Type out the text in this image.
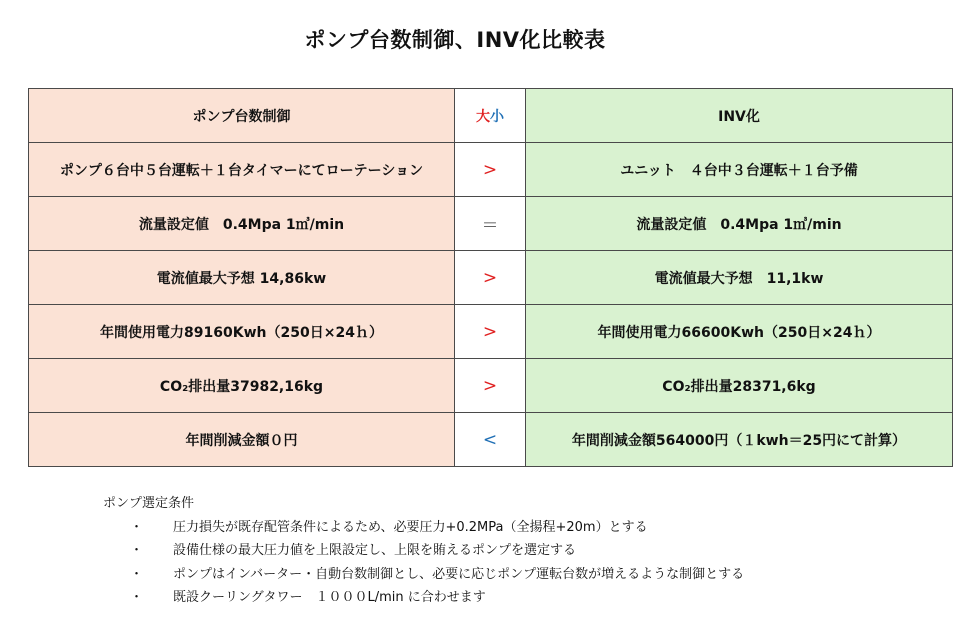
ポンプ台数制御、INV化比較表
ポンプ台数制御	大小	INV化
ポンプ６台中５台運転＋１台タイマーにてローテーション	>	ユニット　４台中３台運転＋１台予備
流量設定値　0.4Mpa 1㎥/min	＝	流量設定値　0.4Mpa 1㎥/min
電流値最大予想 14,86kw	>	電流値最大予想　11,1kw
年間使用電力89160Kwh（250日×24ｈ）	>	年間使用電力66600Kwh（250日×24ｈ）
CO₂排出量37982,16kg	>	CO₂排出量28371,6kg
年間削減金額０円	<	年間削減金額564000円（１kwh＝25円にて計算）

ポンプ選定条件

・	圧力損失が既存配管条件によるため、必要圧力+0.2MPa（全揚程+20m）とする
・	設備仕様の最大圧力値を上限設定し、上限を賄えるポンプを選定する
・	ポンプはインバーター・自動台数制御とし、必要に応じポンプ運転台数が増えるような制御とする
・	既設クーリングタワー　１０００L/min に合わせます
